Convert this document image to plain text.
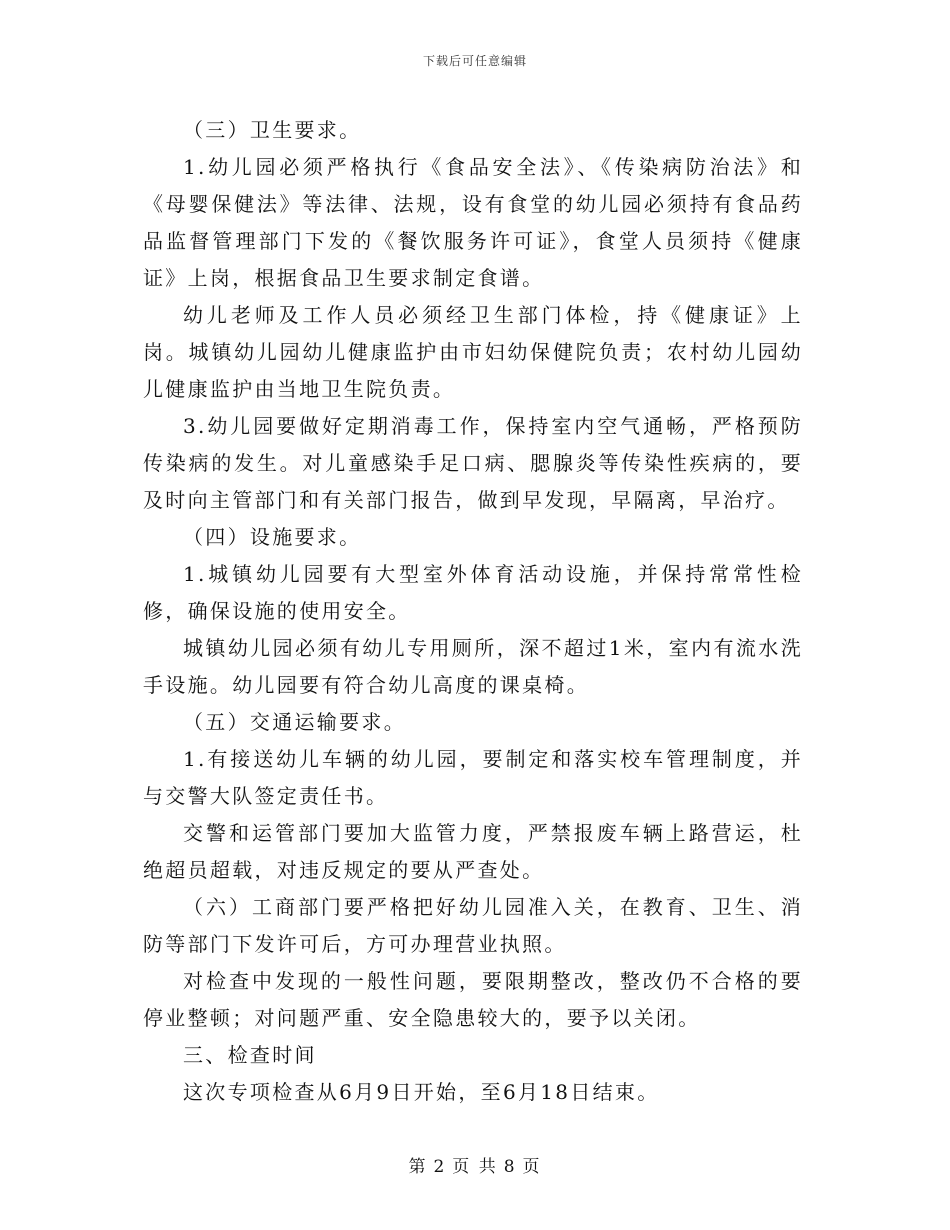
下载后可任意编辑

（三）卫生要求。

1.幼儿园必须严格执行《食品安全法》、《传染病防治法》和《母婴保健法》等法律、法规，设有食堂的幼儿园必须持有食品药品监督管理部门下发的《餐饮服务许可证》，食堂人员须持《健康证》上岗，根据食品卫生要求制定食谱。

幼儿老师及工作人员必须经卫生部门体检，持《健康证》上岗。城镇幼儿园幼儿健康监护由市妇幼保健院负责；农村幼儿园幼儿健康监护由当地卫生院负责。

3.幼儿园要做好定期消毒工作，保持室内空气通畅，严格预防传染病的发生。对儿童感染手足口病、腮腺炎等传染性疾病的，要及时向主管部门和有关部门报告，做到早发现，早隔离，早治疗。

（四）设施要求。

1.城镇幼儿园要有大型室外体育活动设施，并保持常常性检修，确保设施的使用安全。

城镇幼儿园必须有幼儿专用厕所，深不超过1米，室内有流水洗手设施。幼儿园要有符合幼儿高度的课桌椅。

（五）交通运输要求。

1.有接送幼儿车辆的幼儿园，要制定和落实校车管理制度，并与交警大队签定责任书。

交警和运管部门要加大监管力度，严禁报废车辆上路营运，杜绝超员超载，对违反规定的要从严查处。

（六）工商部门要严格把好幼儿园准入关，在教育、卫生、消防等部门下发许可后，方可办理营业执照。

对检查中发现的一般性问题，要限期整改，整改仍不合格的要停业整顿；对问题严重、安全隐患较大的，要予以关闭。

三、检查时间

这次专项检查从6月9日开始，至6月18日结束。

第 2 页 共 8 页
